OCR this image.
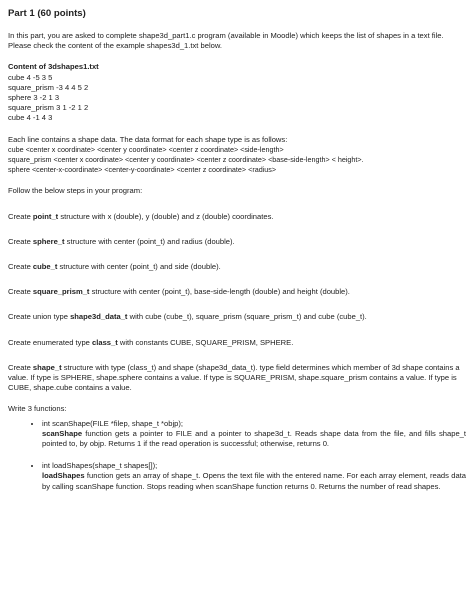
Part 1 (60 points)

In this part, you are asked to complete shape3d_part1.c program (available in Moodle) which keeps the list of shapes in a text file. Please check the content of the example shapes3d_1.txt below.

Content of 3dshapes1.txt
cube 4 -5 3 5
square_prism -3 4 4 5 2
sphere 3 -2 1 3
square_prism 3 1 -2 1 2
cube 4 -1 4 3
Each line contains a shape data. The data format for each shape type is as follows:
cube <center x coordinate> <center y coordinate> <center z coordinate> <side-length>
square_prism <center x coordinate> <center y coordinate> <center z coordinate> <base-side-length> < height>.
sphere <center-x-coordinate> <center-y-coordinate> <center z coordinate> <radius>

Follow the below steps in your program:

Create point_t structure with x (double), y (double) and z (double) coordinates.

Create sphere_t structure with center (point_t) and radius (double).

Create cube_t structure with center (point_t) and side (double).

Create square_prism_t structure with center (point_t), base-side-length (double) and height (double).

Create union type shape3d_data_t with cube (cube_t), square_prism (square_prism_t) and cube (cube_t).

Create enumerated type class_t with constants CUBE, SQUARE_PRISM, SPHERE.

Create shape_t structure with type (class_t) and shape (shape3d_data_t). type field determines which member of 3d shape contains a value. If type is SPHERE, shape.sphere contains a value. If type is SQUARE_PRISM, shape.square_prism contains a value. If type is CUBE, shape.cube contains a value.

Write 3 functions:

• int scanShape(FILE *filep, shape_t *objp);

scanShape function gets a pointer to FILE and a pointer to shape3d_t. Reads shape data from the file, and fills shape_t pointed to, by objp. Returns 1 if the read operation is successful; otherwise, returns 0.

• int loadShapes(shape_t shapes[]);

loadShapes function gets an array of shape_t. Opens the text file with the entered name. For each array element, reads data by calling scanShape function. Stops reading when scanShape function returns 0. Returns the number of read shapes.
